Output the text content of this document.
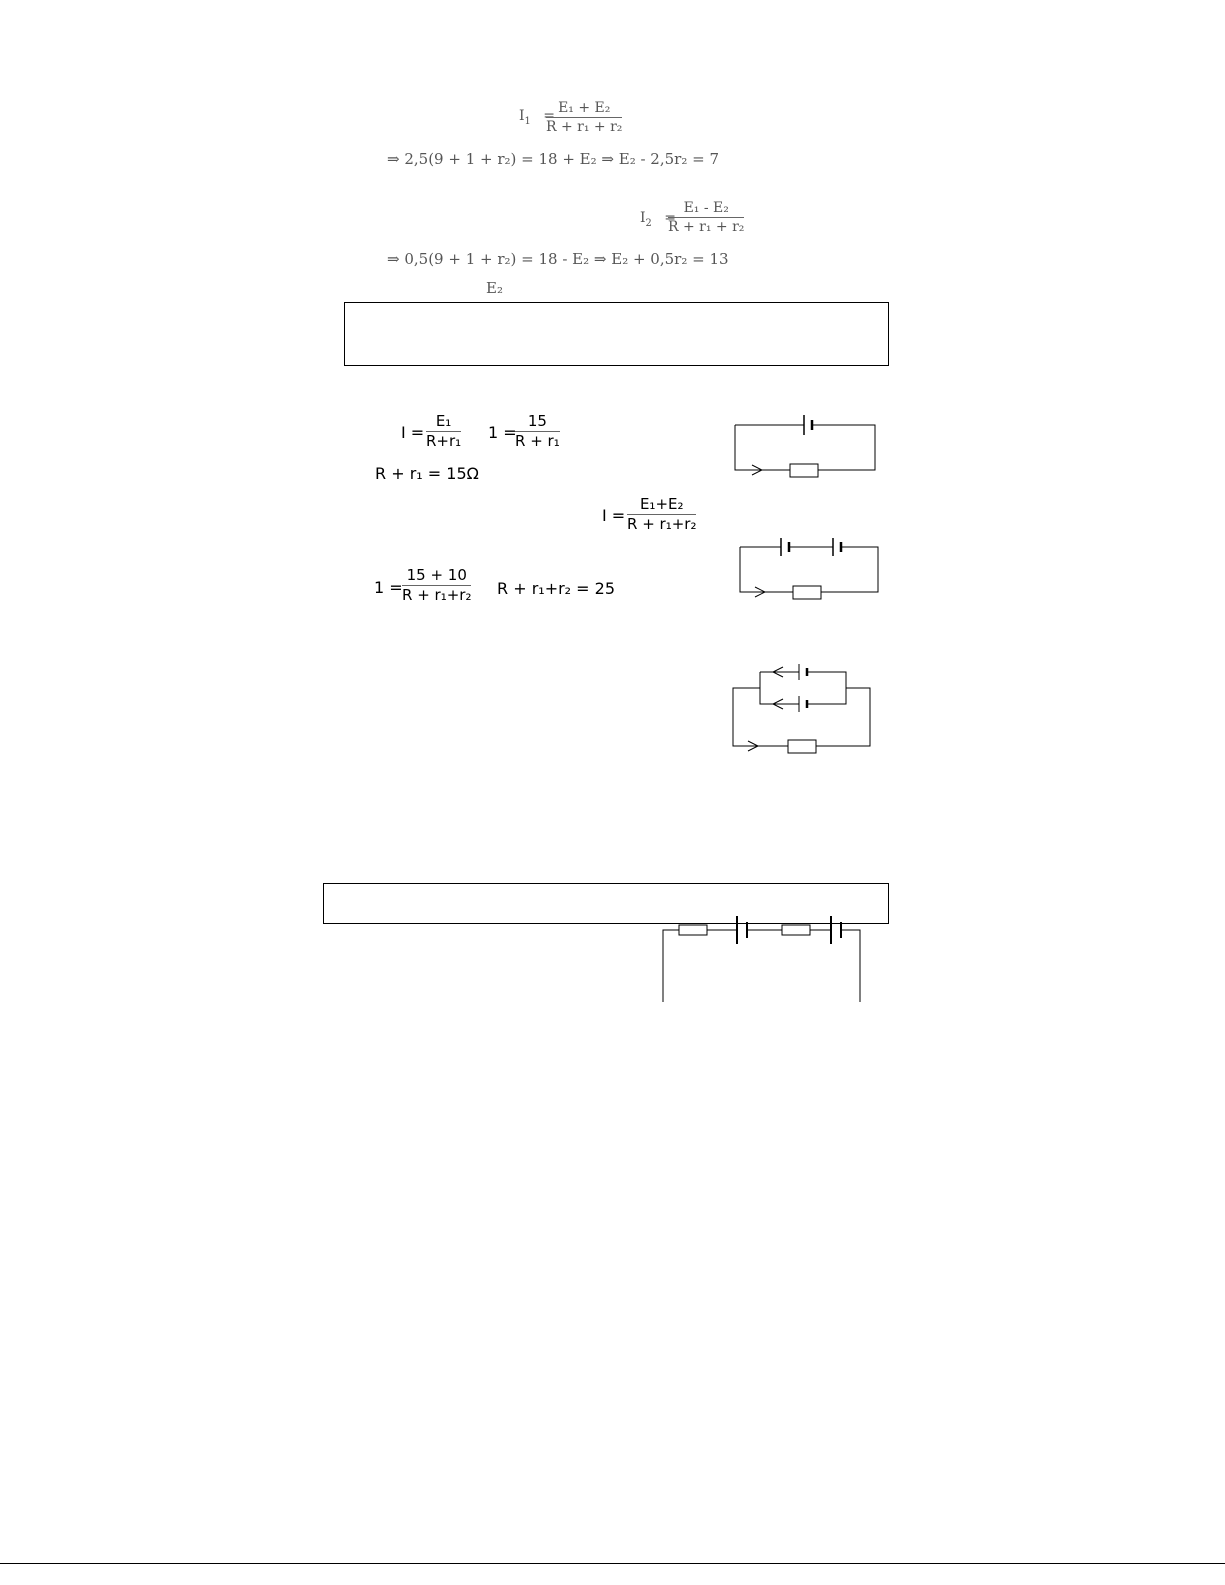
$I_1$ =
$\frac{\text{E₁ + E₂}}{\text{R + r₁ + r₂}}$
⇒ 2,5(9 + 1 + r₂) = 18 + E₂ ⇒ E₂ - 2,5r₂ = 7
$I_2$ =
$\frac{\text{E₁ - E₂}}{\text{R + r₁ + r₂}}$
⇒ 0,5(9 + 1 + r₂) = 18 - E₂ ⇒ E₂ + 0,5r₂ = 13
E₂
$I = \frac{\text{E₁}}{\text{R+r₁}} 1$ =
$\frac{15}{\text{R + r₁}}$
R + r₁ = 15Ω
$I = \frac{\text{E₁+E₂}}{\text{R + r₁+r₂}}$
$1 = \frac{15 + 10}{\text{R + r₁+r₂}}$ R + r₁+r₂ = 25
